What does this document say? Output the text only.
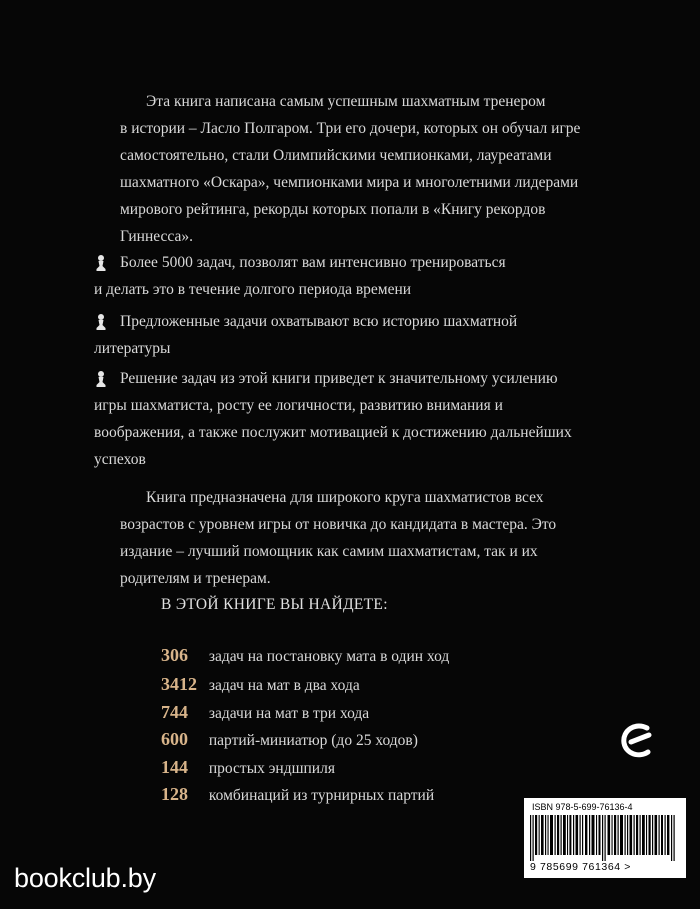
Эта книга написана самым успешным шахматным тренером
в истории – Ласло Полгаром. Три его дочери, которых он обучал игре
самостоятельно, стали Олимпийскими чемпионками, лауреатами
шахматного «Оскара», чемпионками мира и многолетними лидерами
мирового рейтинга, рекорды которых попали в «Книгу рекордов
Гиннесса».

Более 5000 задач, позволят вам интенсивно тренироваться
и делать это в течение долгого периода времени
Предложенные задачи охватывают всю историю шахматной
литературы
Решение задач из этой книги приведет к значительному усилению
игры шахматиста, росту ее логичности, развитию внимания и
воображения, а также послужит мотивацией к достижению дальнейших
успехов

Книга предназначена для широкого круга шахматистов всех
возрастов с уровнем игры от новичка до кандидата в мастера. Это
издание – лучший помощник как самим шахматистам, так и их
родителям и тренерам.

В ЭТОЙ КНИГЕ ВЫ НАЙДЕТЕ:
306 задач на постановку мата в один ход
3412 задач на мат в два хода
744 задачи на мат в три хода
600 партий-миниатюр (до 25 ходов)
144 простых эндшпиля
128 комбинаций из турнирных партий
ISBN 978-5-699-76136-4
9 785699 761364 >
bookclub.by
